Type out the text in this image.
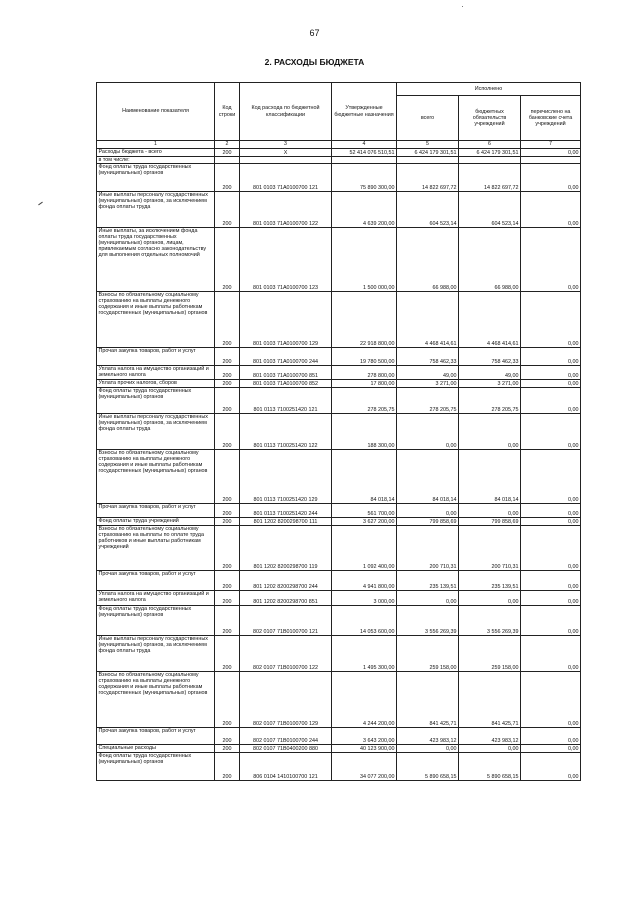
67
2. РАСХОДЫ БЮДЖЕТА
Наименование показателя	Код строки	Код расхода по бюджетной классификации	Утвержденные бюджетные назначения	Исполнено		
				всего	бюджетных обязательств учреждений	перечислено на банковские счета учреждений
1	2	3	4	5	6	7
Расходы бюджета - всего	200	X	52 414 076 510,51	6 424 179 301,51	6 424 179 301,51	0,00
в том числе:						
Фонд оплаты труда государственных (муниципальных) органов	200	801 0103 71А0100700 121	75 890 300,00	14 822 697,72	14 822 697,72	0,00
Иные выплаты персоналу государственных (муниципальных) органов, за исключением фонда оплаты труда	200	801 0103 71А0100700 122	4 639 200,00	604 523,14	604 523,14	0,00
Иные выплаты, за исключением фонда оплаты труда государственных (муниципальных) органов, лицам, привлекаемым согласно законодательству для выполнения отдельных полномочий	200	801 0103 71А0100700 123	1 500 000,00	66 988,00	66 988,00	0,00
Взносы по обязательному социальному страхованию на выплаты денежного содержания и иные выплаты работникам государственных (муниципальных) органов	200	801 0103 71А0100700 129	22 918 800,00	4 468 414,61	4 468 414,61	0,00
Прочая закупка товаров, работ и услуг	200	801 0103 71А0100700 244	19 780 500,00	758 462,33	758 462,33	0,00
Уплата налога на имущество организаций и земельного налога	200	801 0103 71А0100700 851	278 800,00	49,00	49,00	0,00
Уплата прочих налогов, сборов	200	801 0103 71А0100700 852	17 800,00	3 271,00	3 271,00	0,00
Фонд оплаты труда государственных (муниципальных) органов	200	801 0113 7100251420 121	278 205,75	278 205,75	278 205,75	0,00
Иные выплаты персоналу государственных (муниципальных) органов, за исключением фонда оплаты труда	200	801 0113 7100251420 122	188 300,00	0,00	0,00	0,00
Взносы по обязательному социальному страхованию на выплаты денежного содержания и иные выплаты работникам государственных (муниципальных) органов	200	801 0113 7100251420 129	84 018,14	84 018,14	84 018,14	0,00
Прочая закупка товаров, работ и услуг	200	801 0113 7100251420 244	561 700,00	0,00	0,00	0,00
Фонд оплаты труда учреждений	200	801 1202 8200298700 111	3 627 200,00	799 858,69	799 858,69	0,00
Взносы по обязательному социальному страхованию на выплаты по оплате труда работников и иные выплаты работникам учреждений	200	801 1202 8200298700 119	1 092 400,00	200 710,31	200 710,31	0,00
Прочая закупка товаров, работ и услуг	200	801 1202 8200298700 244	4 941 800,00	235 139,51	235 139,51	0,00
Уплата налога на имущество организаций и земельного налога	200	801 1202 8200298700 851	3 000,00	0,00	0,00	0,00
Фонд оплаты труда государственных (муниципальных) органов	200	802 0107 71В0100700 121	14 053 600,00	3 556 269,39	3 556 269,39	0,00
Иные выплаты персоналу государственных (муниципальных) органов, за исключением фонда оплаты труда	200	802 0107 71В0100700 122	1 495 300,00	259 158,00	259 158,00	0,00
Взносы по обязательному социальному страхованию на выплаты денежного содержания и иные выплаты работникам государственных (муниципальных) органов	200	802 0107 71В0100700 129	4 244 200,00	841 425,71	841 425,71	0,00
Прочая закупка товаров, работ и услуг	200	802 0107 71В0100700 244	3 643 200,00	423 983,12	423 983,12	0,00
Специальные расходы	200	802 0107 71В0400200 880	40 123 900,00	0,00	0,00	0,00
Фонд оплаты труда государственных (муниципальных) органов	200	806 0104 1410100700 121	34 077 200,00	5 890 658,15	5 890 658,15	0,00
